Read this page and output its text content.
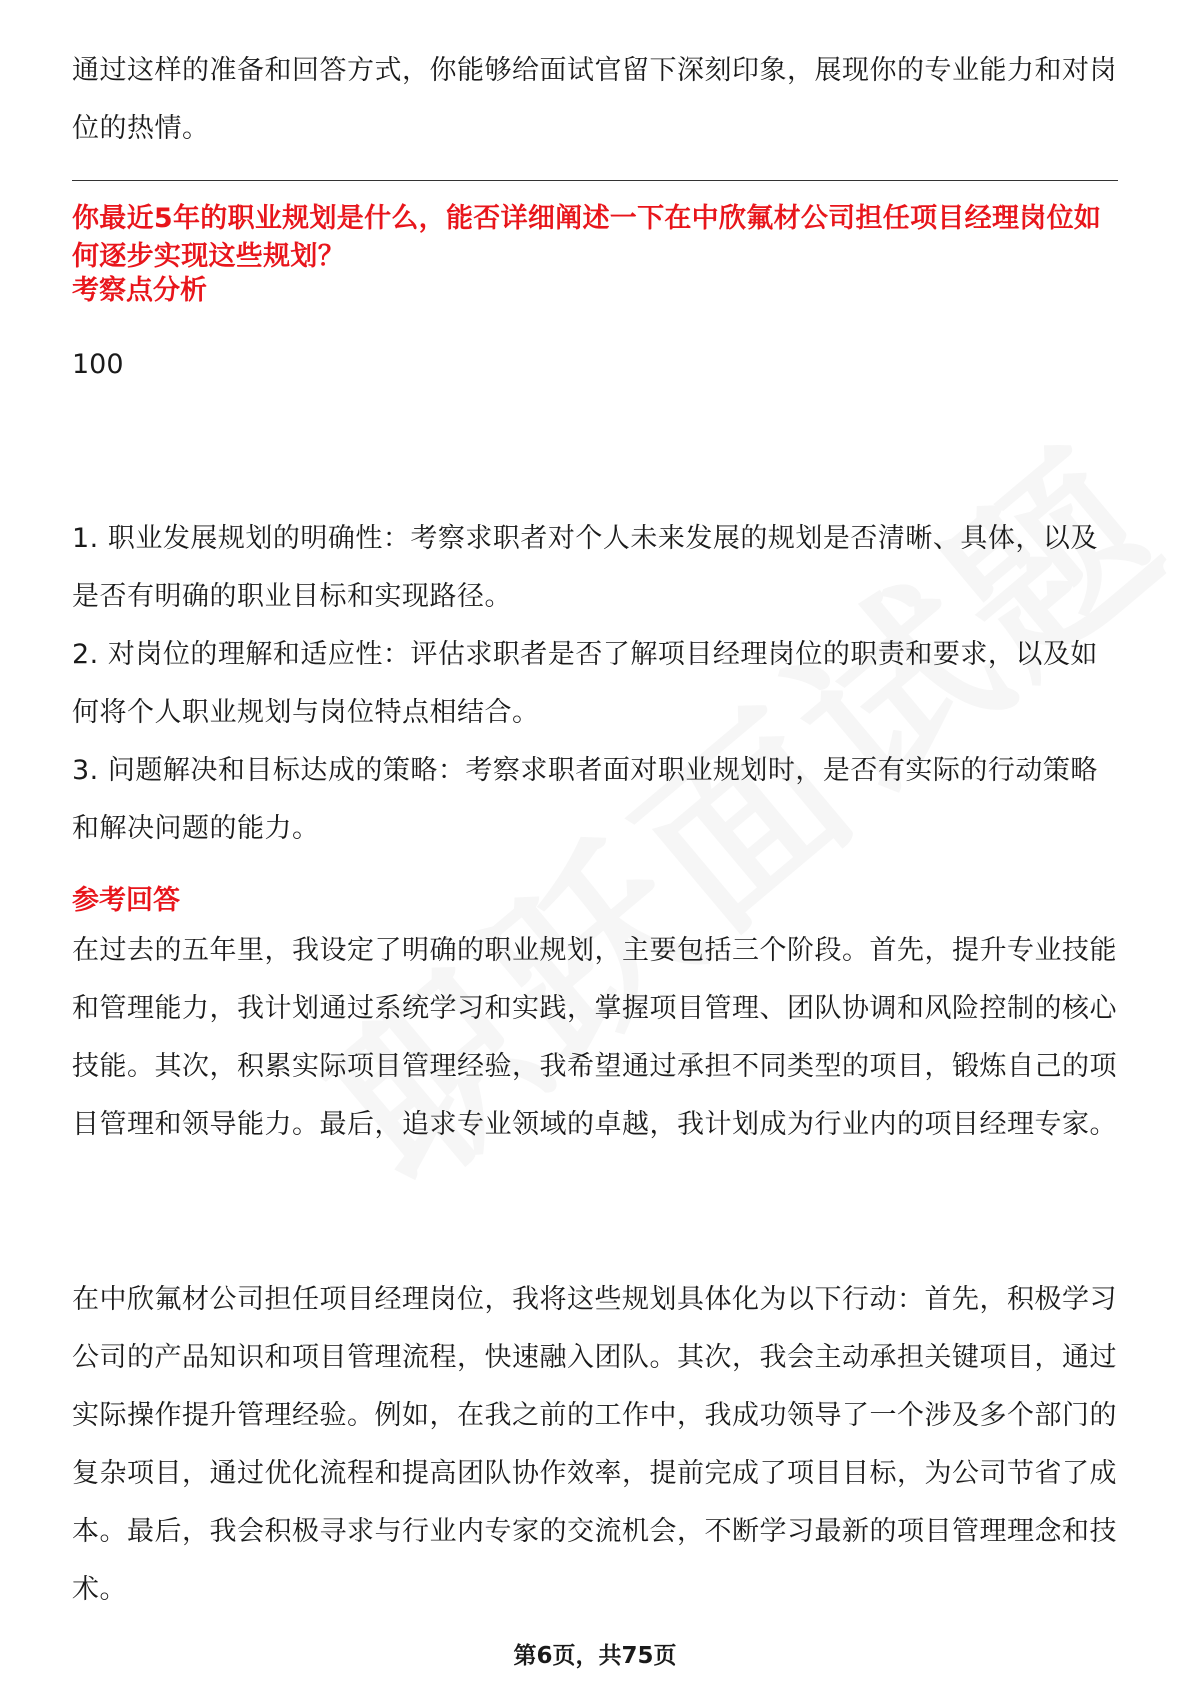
通过这样的准备和回答方式，你能够给面试官留下深刻印象，展现你的专业能力和对岗位的热情。

你最近5年的职业规划是什么，能否详细阐述一下在中欣氟材公司担任项目经理岗位如何逐步实现这些规划？

考察点分析

100

1. 职业发展规划的明确性：考察求职者对个人未来发展的规划是否清晰、具体，以及是否有明确的职业目标和实现路径。

2. 对岗位的理解和适应性：评估求职者是否了解项目经理岗位的职责和要求，以及如何将个人职业规划与岗位特点相结合。

3. 问题解决和目标达成的策略：考察求职者面对职业规划时，是否有实际的行动策略和解决问题的能力。

参考回答

在过去的五年里，我设定了明确的职业规划，主要包括三个阶段。首先，提升专业技能和管理能力，我计划通过系统学习和实践，掌握项目管理、团队协调和风险控制的核心技能。其次，积累实际项目管理经验，我希望通过承担不同类型的项目，锻炼自己的项目管理和领导能力。最后，追求专业领域的卓越，我计划成为行业内的项目经理专家。

在中欣氟材公司担任项目经理岗位，我将这些规划具体化为以下行动：首先，积极学习公司的产品知识和项目管理流程，快速融入团队。其次，我会主动承担关键项目，通过实际操作提升管理经验。例如，在我之前的工作中，我成功领导了一个涉及多个部门的复杂项目，通过优化流程和提高团队协作效率，提前完成了项目目标，为公司节省了成本。最后，我会积极寻求与行业内专家的交流机会，不断学习最新的项目管理理念和技术。

第6页，共75页
